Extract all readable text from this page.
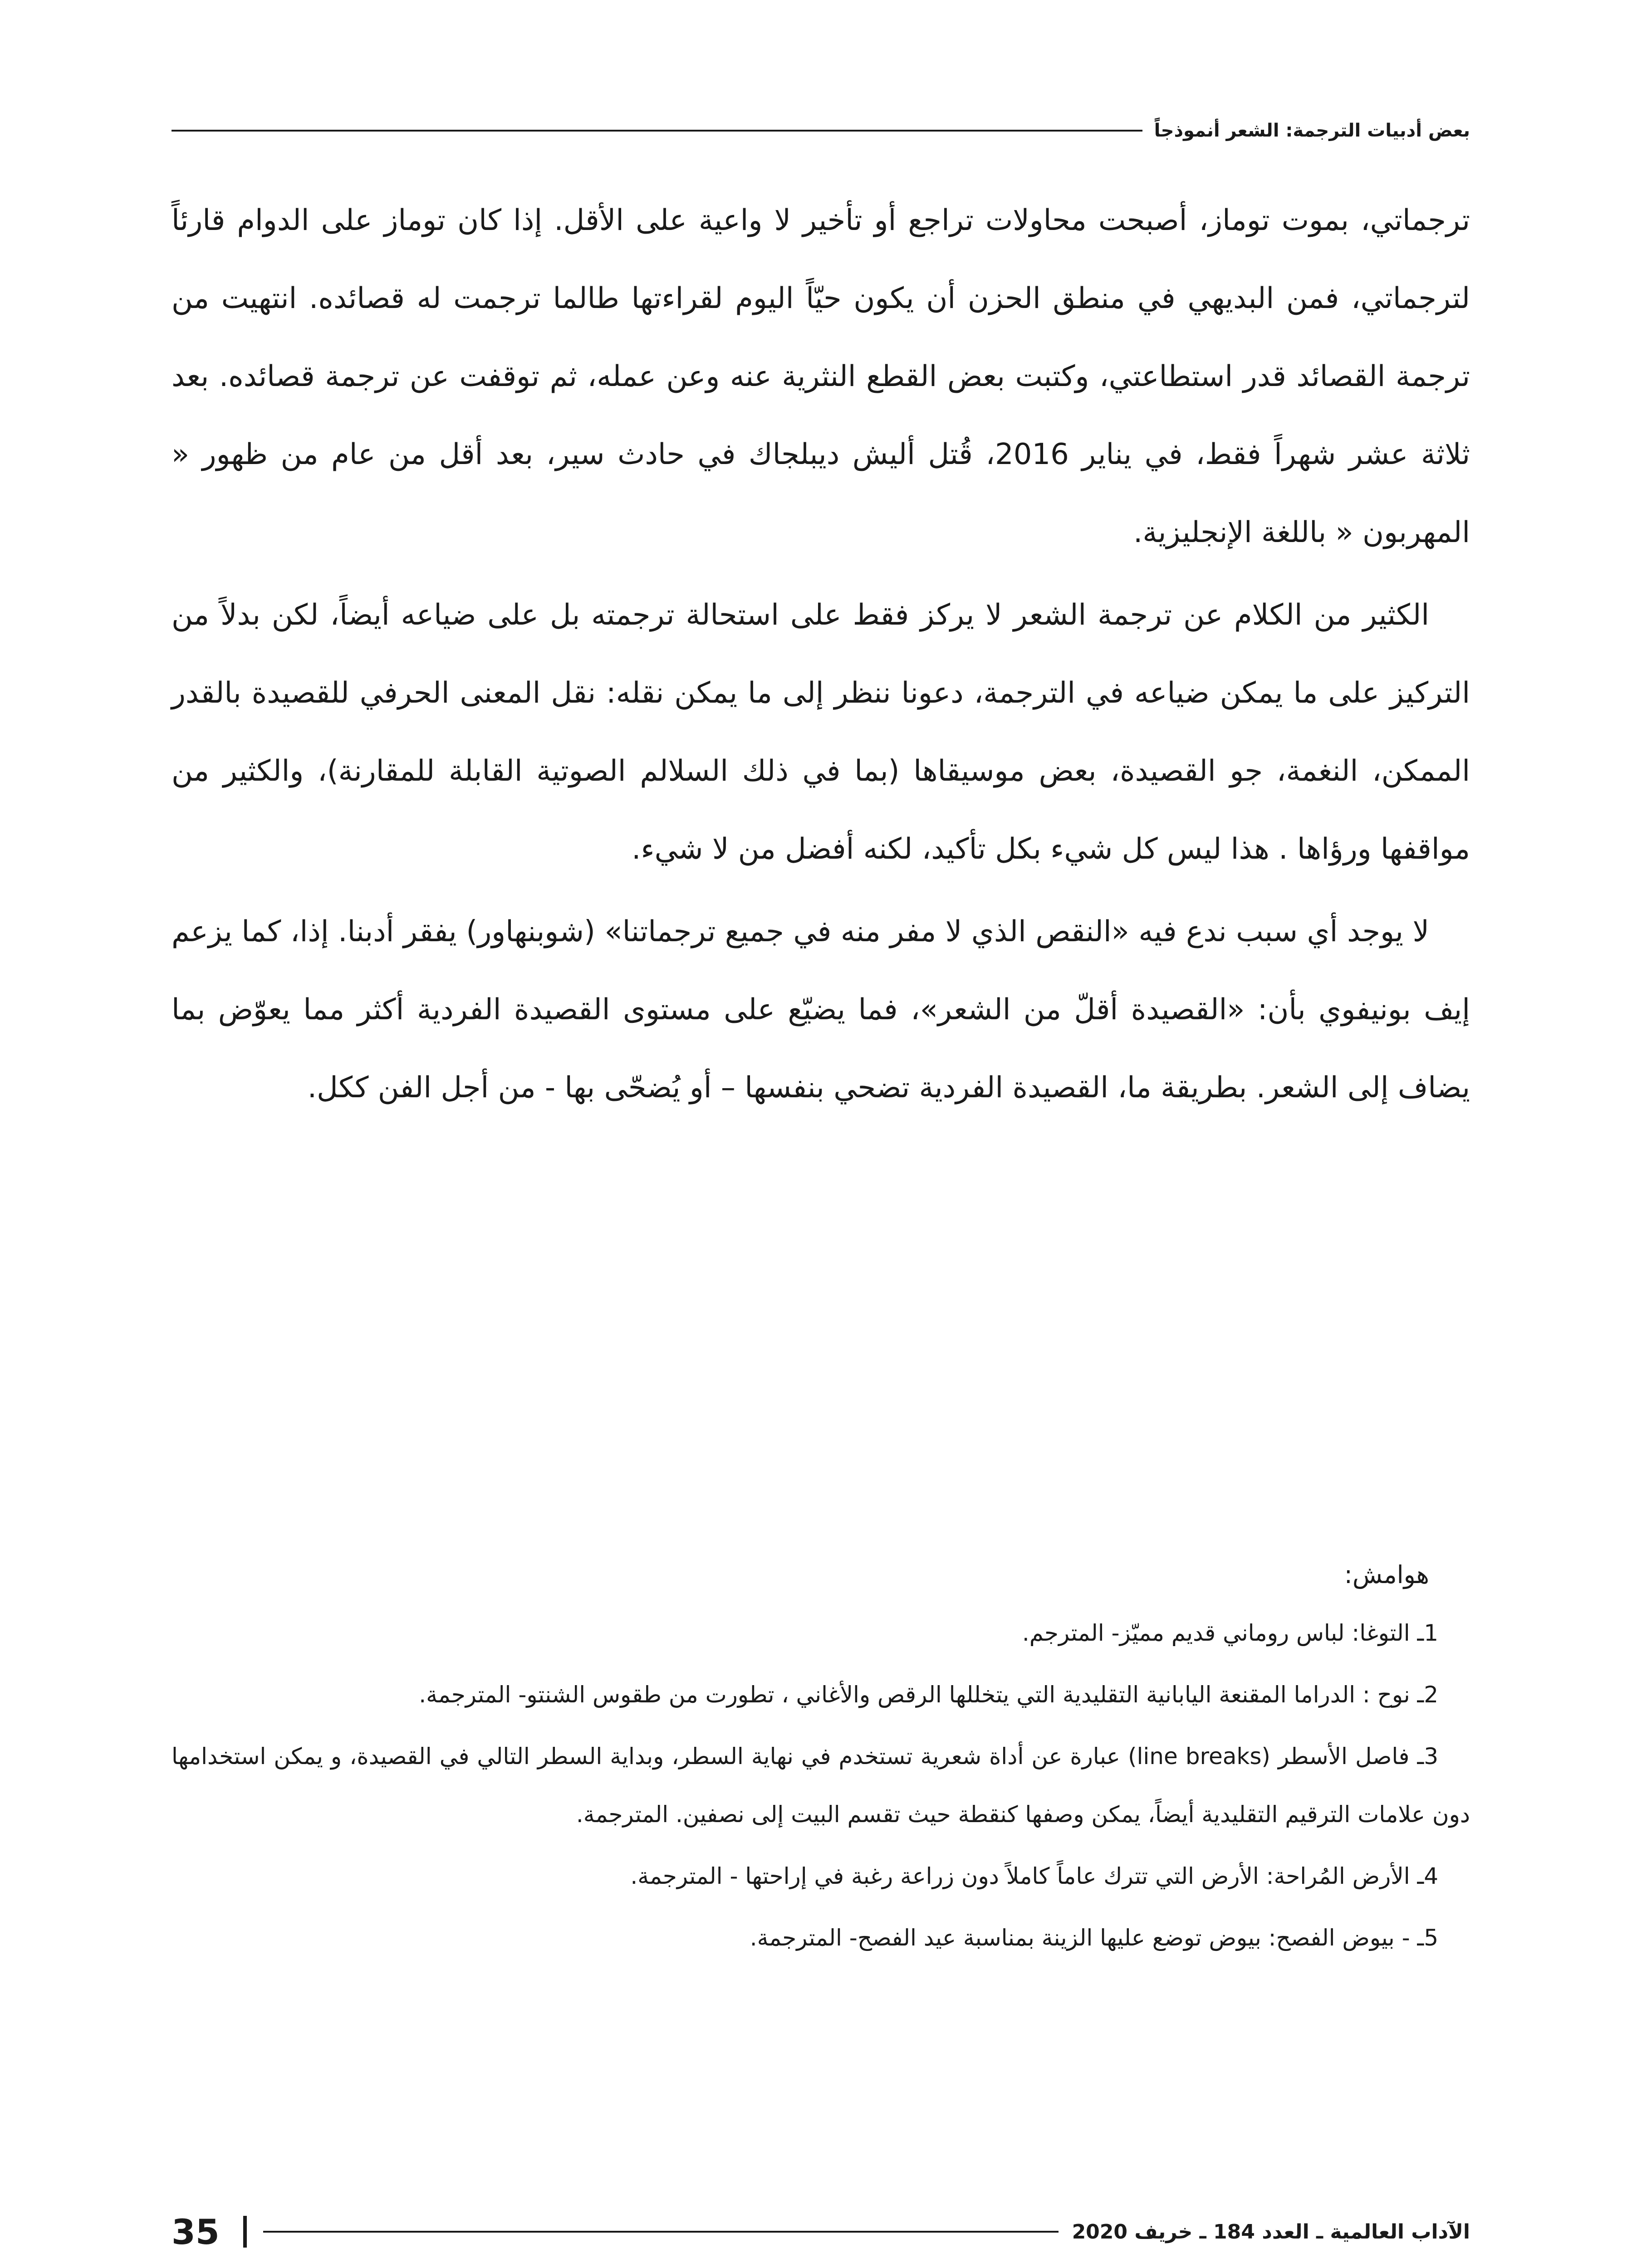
بعض أدبيات الترجمة: الشعر أنموذجاً

ترجماتي، بموت توماز، أصبحت محاولات تراجع أو تأخير لا واعية على الأقل. إذا كان توماز على الدوام قارئاً لترجماتي، فمن البديهي في منطق الحزن أن يكون حيّاً اليوم لقراءتها طالما ترجمت له قصائده. انتهيت من ترجمة القصائد قدر استطاعتي، وكتبت بعض القطع النثرية عنه وعن عمله، ثم توقفت عن ترجمة قصائده. بعد ثلاثة عشر شهراً فقط، في يناير 2016، قُتل أليش ديبلجاك في حادث سير، بعد أقل من عام من ظهور « المهربون « باللغة الإنجليزية.

الكثير من الكلام عن ترجمة الشعر لا يركز فقط على استحالة ترجمته بل على ضياعه أيضاً، لكن بدلاً من التركيز على ما يمكن ضياعه في الترجمة، دعونا ننظر إلى ما يمكن نقله: نقل المعنى الحرفي للقصيدة بالقدر الممكن، النغمة، جو القصيدة، بعض موسيقاها (بما في ذلك السلالم الصوتية القابلة للمقارنة)، والكثير من مواقفها ورؤاها . هذا ليس كل شيء بكل تأكيد، لكنه أفضل من لا شيء.

لا يوجد أي سبب ندع فيه «النقص الذي لا مفر منه في جميع ترجماتنا» (شوبنهاور) يفقر أدبنا. إذا، كما يزعم إيف بونيفوي بأن: «القصيدة أقلّ من الشعر»، فما يضيّع على مستوى القصيدة الفردية أكثر مما يعوّض بما يضاف إلى الشعر. بطريقة ما، القصيدة الفردية تضحي بنفسها – أو يُضحّى بها - من أجل الفن ككل.

هوامش:

1ـ التوغا: لباس روماني قديم مميّز- المترجم.

2ـ نوح : الدراما المقنعة اليابانية التقليدية التي يتخللها الرقص والأغاني ، تطورت من طقوس الشنتو- المترجمة.

3ـ فاصل الأسطر (line breaks) عبارة عن أداة شعرية تستخدم في نهاية السطر، وبداية السطر التالي في القصيدة، و يمكن استخدامها دون علامات الترقيم التقليدية أيضاً، يمكن وصفها كنقطة حيث تقسم البيت إلى نصفين. المترجمة.

4ـ الأرض المُراحة: الأرض التي تترك عاماً كاملاً دون زراعة رغبة في إراحتها - المترجمة.

5ـ - بيوض الفصح: بيوض توضع عليها الزينة بمناسبة عيد الفصح- المترجمة.

الآداب العالمية ـ العدد 184 ـ خريف 2020
35
